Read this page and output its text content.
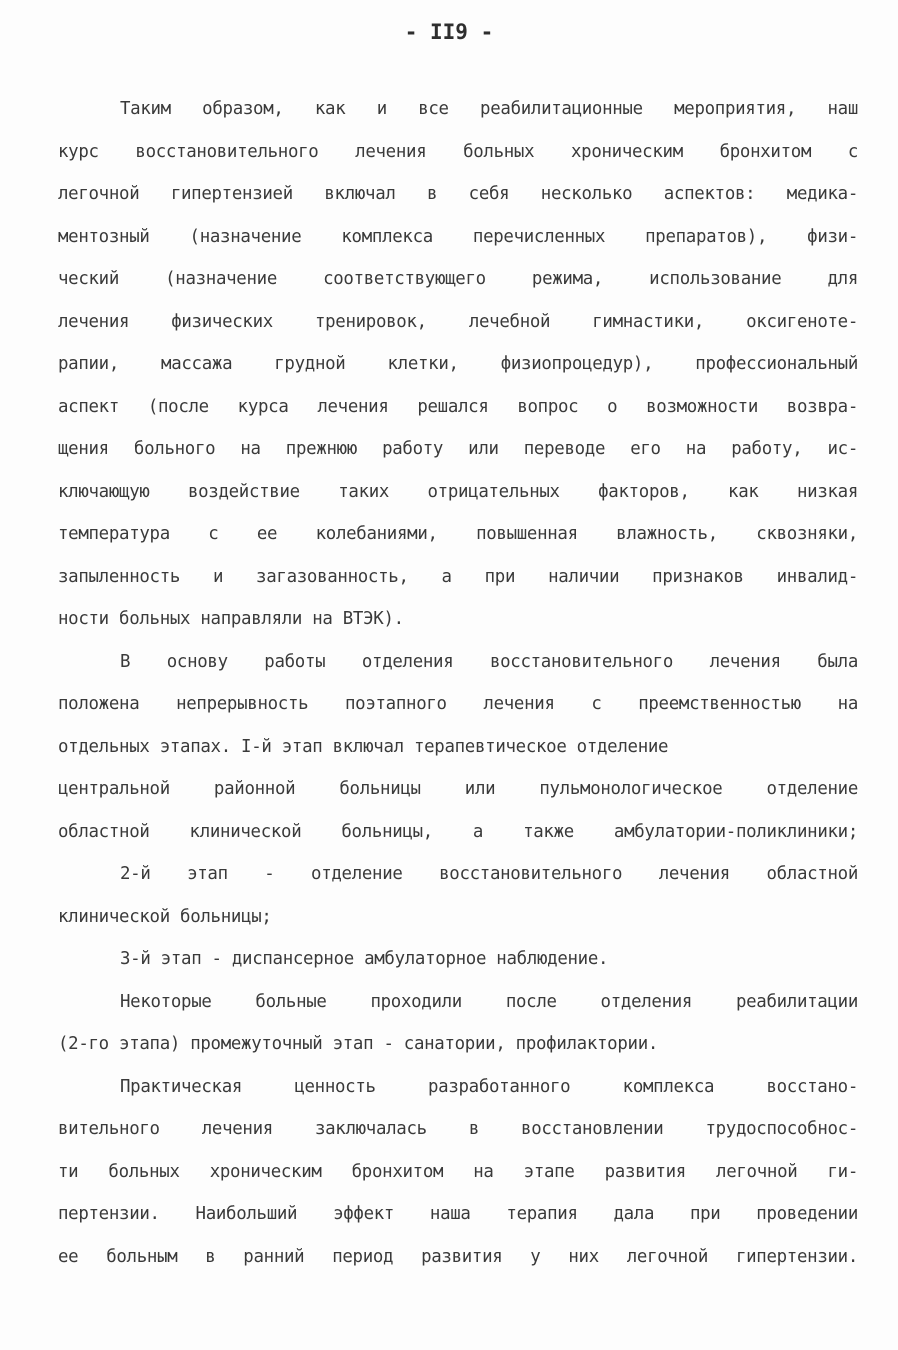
- II9 -
Таким образом, как и все реабилитационные мероприятия, наш
курс восстановительного лечения больных хроническим бронхитом с
легочной гипертензией включал в себя несколько аспектов: медика-
ментозный (назначение комплекса перечисленных препаратов), физи-
ческий (назначение соответствующего режима, использование для
лечения физических тренировок, лечебной гимнастики, оксигеноте-
рапии, массажа грудной клетки, физиопроцедур), профессиональный
аспект (после курса лечения решался вопрос о возможности возвра-
щения больного на прежнюю работу или переводе его на работу, ис-
ключающую воздействие таких отрицательных факторов, как низкая
температура с ее колебаниями, повышенная влажность, сквозняки,
запыленность и загазованность, а при наличии признаков инвалид-
ности больных направляли на ВТЭК).
В основу работы отделения восстановительного лечения была
положена непрерывность поэтапного лечения с преемственностью на
отдельных этапах. I-й этап включал терапевтическое отделение
центральной районной больницы или пульмонологическое отделение
областной клинической больницы, а также амбулатории-поликлиники;
2-й этап - отделение восстановительного лечения областной
клинической больницы;
3-й этап - диспансерное амбулаторное наблюдение.
Некоторые больные проходили после отделения реабилитации
(2-го этапа) промежуточный этап - санатории, профилактории.
Практическая ценность разработанного комплекса восстано-
вительного лечения заключалась в восстановлении трудоспособнос-
ти больных хроническим бронхитом на этапе развития легочной ги-
пертензии. Наибольший эффект наша терапия дала при проведении
ее больным в ранний период развития у них легочной гипертензии.
